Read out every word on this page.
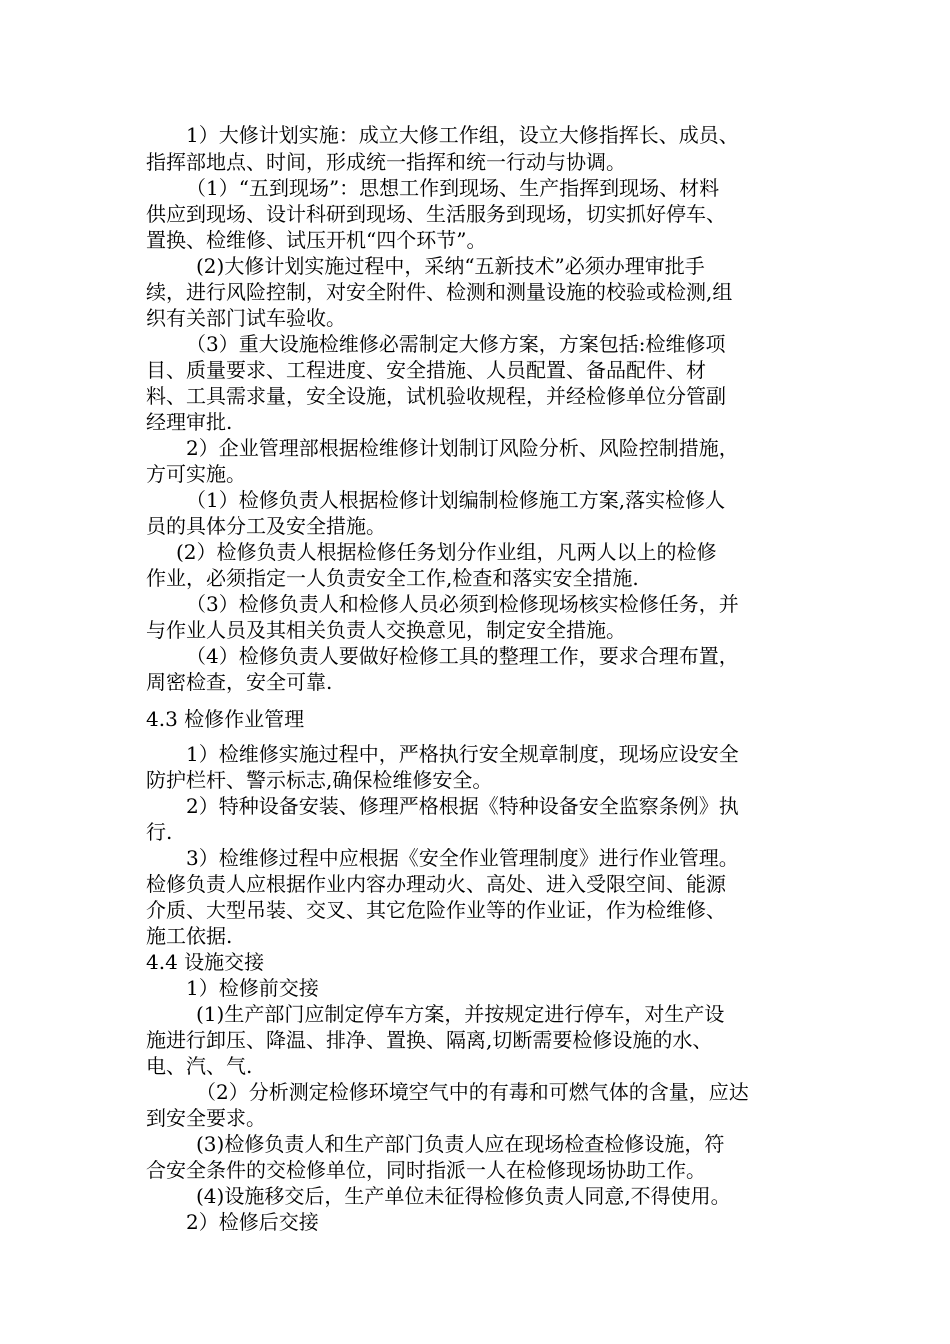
1）大修计划实施：成立大修工作组，设立大修指挥长、成员、
指挥部地点、时间，形成统一指挥和统一行动与协调。
（1）“五到现场”：思想工作到现场、生产指挥到现场、材料
供应到现场、设计科研到现场、生活服务到现场，切实抓好停车、
置换、检维修、试压开机“四个环节”。
(2)大修计划实施过程中，采纳“五新技术”必须办理审批手
续，进行风险控制，对安全附件、检测和测量设施的校验或检测,组
织有关部门试车验收。
（3）重大设施检维修必需制定大修方案，方案包括:检维修项
目、质量要求、工程进度、安全措施、人员配置、备品配件、材
料、工具需求量，安全设施，试机验收规程，并经检修单位分管副
经理审批.
2）企业管理部根据检维修计划制订风险分析、风险控制措施，
方可实施。
（1）检修负责人根据检修计划编制检修施工方案,落实检修人
员的具体分工及安全措施。
(2）检修负责人根据检修任务划分作业组，凡两人以上的检修
作业，必须指定一人负责安全工作,检查和落实安全措施.
（3）检修负责人和检修人员必须到检修现场核实检修任务，并
与作业人员及其相关负责人交换意见，制定安全措施。
（4）检修负责人要做好检修工具的整理工作，要求合理布置，
周密检查，安全可靠.
4.3 检修作业管理
1）检维修实施过程中，严格执行安全规章制度，现场应设安全
防护栏杆、警示标志,确保检维修安全。
2）特种设备安装、修理严格根据《特种设备安全监察条例》执
行.
3）检维修过程中应根据《安全作业管理制度》进行作业管理。
检修负责人应根据作业内容办理动火、高处、进入受限空间、能源
介质、大型吊装、交叉、其它危险作业等的作业证，作为检维修、
施工依据.
4.4 设施交接
1）检修前交接
(1)生产部门应制定停车方案，并按规定进行停车，对生产设
施进行卸压、降温、排净、置换、隔离,切断需要检修设施的水、
电、汽、气.
（2）分析测定检修环境空气中的有毒和可燃气体的含量，应达
到安全要求。
(3)检修负责人和生产部门负责人应在现场检查检修设施，符
合安全条件的交检修单位，同时指派一人在检修现场协助工作。
(4)设施移交后，生产单位未征得检修负责人同意,不得使用。
2）检修后交接
